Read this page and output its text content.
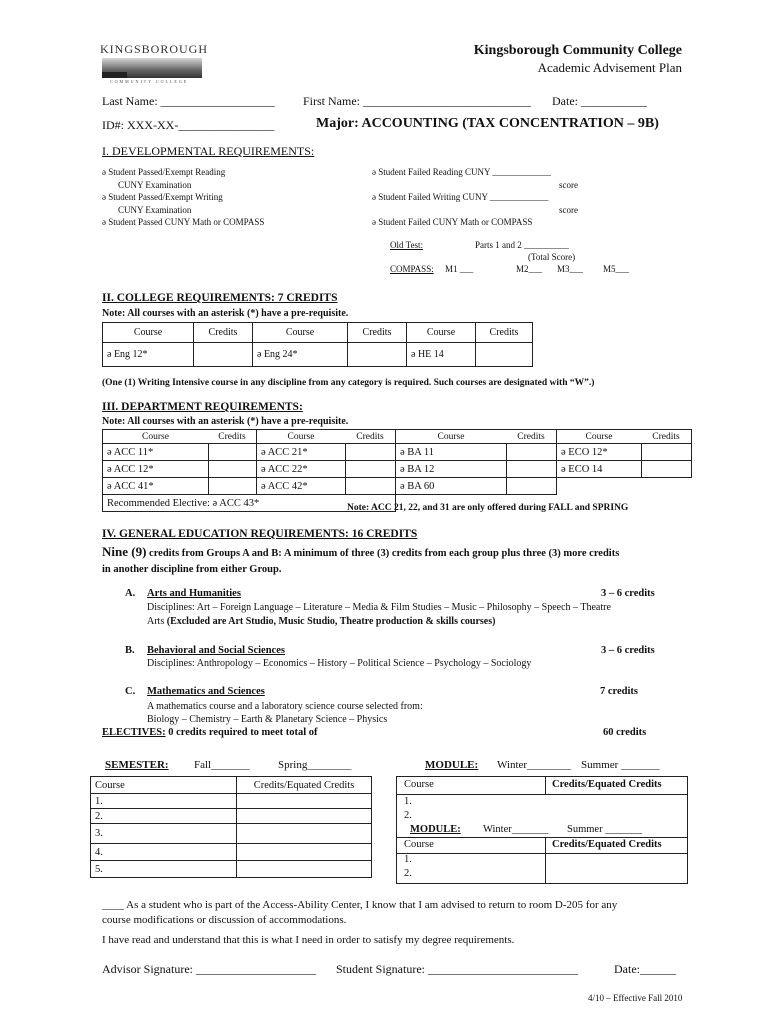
KINGSBOROUGH
COMMUNITY COLLEGE
Kingsborough Community College
Academic Advisement Plan
Last Name: ___________________ First Name: ____________________________ Date: ___________
ID#: XXX-XX-________________	Major: ACCOUNTING (TAX CONCENTRATION – 9B)
I. DEVELOPMENTAL REQUIREMENTS:
ə Student Passed/Exempt Reading
CUNY Examination
ə Student Passed/Exempt Writing
CUNY Examination
ə Student Passed CUNY Math or COMPASS
ə Student Failed Reading CUNY _____________
score
ə Student Failed Writing CUNY _____________
score
ə Student Failed CUNY Math or COMPASS
Old Test:	Parts 1 and 2 __________
(Total Score)
COMPASS: M1 ___	M2___ M3___ M5___
II. COLLEGE REQUIREMENTS: 7 CREDITS
Note: All courses with an asterisk (*) have a pre-requisite.
Course	Credits	Course	Credits	Course	Credits
ə Eng 12*		ə Eng 24*		ə HE 14	
(One (1) Writing Intensive course in any discipline from any category is required. Such courses are designated with “W”.)
III. DEPARTMENT REQUIREMENTS:
Note: All courses with an asterisk (*) have a pre-requisite.
Course	Credits	Course	Credits	Course	Credits	Course	Credits
ə ACC 11*		ə ACC 21*		ə BA 11		ə ECO 12*	
ə ACC 12*		ə ACC 22*		ə BA 12		ə ECO 14	
ə ACC 41*		ə ACC 42*		ə BA 60			
Recommended Elective: ə ACC 43*								Note: ACC 21, 22, and 31 are only offered during FALL and SPRING
IV. GENERAL EDUCATION REQUIREMENTS: 16 CREDITS
Nine (9) credits from Groups A and B: A minimum of three (3) credits from each group plus three (3) more credits
in another discipline from either Group.
A. Arts and Humanities	3 – 6 credits
Disciplines: Art – Foreign Language – Literature – Media & Film Studies – Music – Philosophy – Speech – Theatre
Arts (Excluded are Art Studio, Music Studio, Theatre production & skills courses)
B. Behavioral and Social Sciences	3 – 6 credits
Disciplines: Anthropology – Economics – History – Political Science – Psychology – Sociology
C. Mathematics and Sciences	7 credits
A mathematics course and a laboratory science course selected from:
Biology – Chemistry – Earth & Planetary Science – Physics
ELECTIVES: 0 credits required to meet total of	60 credits
SEMESTER: Fall_______	Spring________	MODULE: Winter________ Summer _______
Course	Credits/Equated Credits
1.	
2.	
3.	
4.	
5.	
Course	Credits/Equated Credits
1.
2.
MODULE: Winter_______ Summer _______
Course	Credits/Equated Credits
1.
2.
____ As a student who is part of the Access-Ability Center, I know that I am advised to return to room D-205 for any
course modifications or discussion of accommodations.
I have read and understand that this is what I need in order to satisfy my degree requirements.
Advisor Signature: ____________________ Student Signature: _________________________	Date:______
4/10 – Effective Fall 2010
